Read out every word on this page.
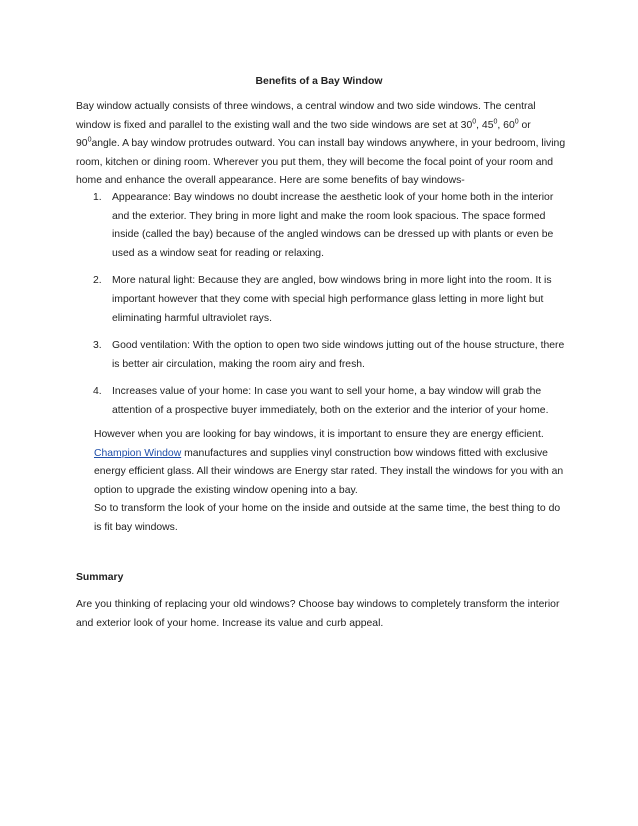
Benefits of a Bay Window

Bay window actually consists of three windows, a central window and two side windows. The central window is fixed and parallel to the existing wall and the two side windows are set at $30^0$, $45^0$, $60^0$ or $90^0angle$. A bay window protrudes outward. You can install bay windows anywhere, in your bedroom, living room, kitchen or dining room. Wherever you put them, they will become the focal point of your room and home and enhance the overall appearance. Here are some benefits of bay windows-

1. Appearance: Bay windows no doubt increase the aesthetic look of your home both in the interior and the exterior. They bring in more light and make the room look spacious. The space formed inside (called the bay) because of the angled windows can be dressed up with plants or even be used as a window seat for reading or relaxing.
2. More natural light: Because they are angled, bow windows bring in more light into the room. It is important however that they come with special high performance glass letting in more light but eliminating harmful ultraviolet rays.
3. Good ventilation: With the option to open two side windows jutting out of the house structure, there is better air circulation, making the room airy and fresh.
4. Increases value of your home: In case you want to sell your home, a bay window will grab the attention of a prospective buyer immediately, both on the exterior and the interior of your home.

However when you are looking for bay windows, it is important to ensure they are energy efficient. Champion Window manufactures and supplies vinyl construction bow windows fitted with exclusive energy efficient glass. All their windows are Energy star rated. They install the windows for you with an option to upgrade the existing window opening into a bay.

So to transform the look of your home on the inside and outside at the same time, the best thing to do is fit bay windows.

Summary

Are you thinking of replacing your old windows? Choose bay windows to completely transform the interior and exterior look of your home. Increase its value and curb appeal.
